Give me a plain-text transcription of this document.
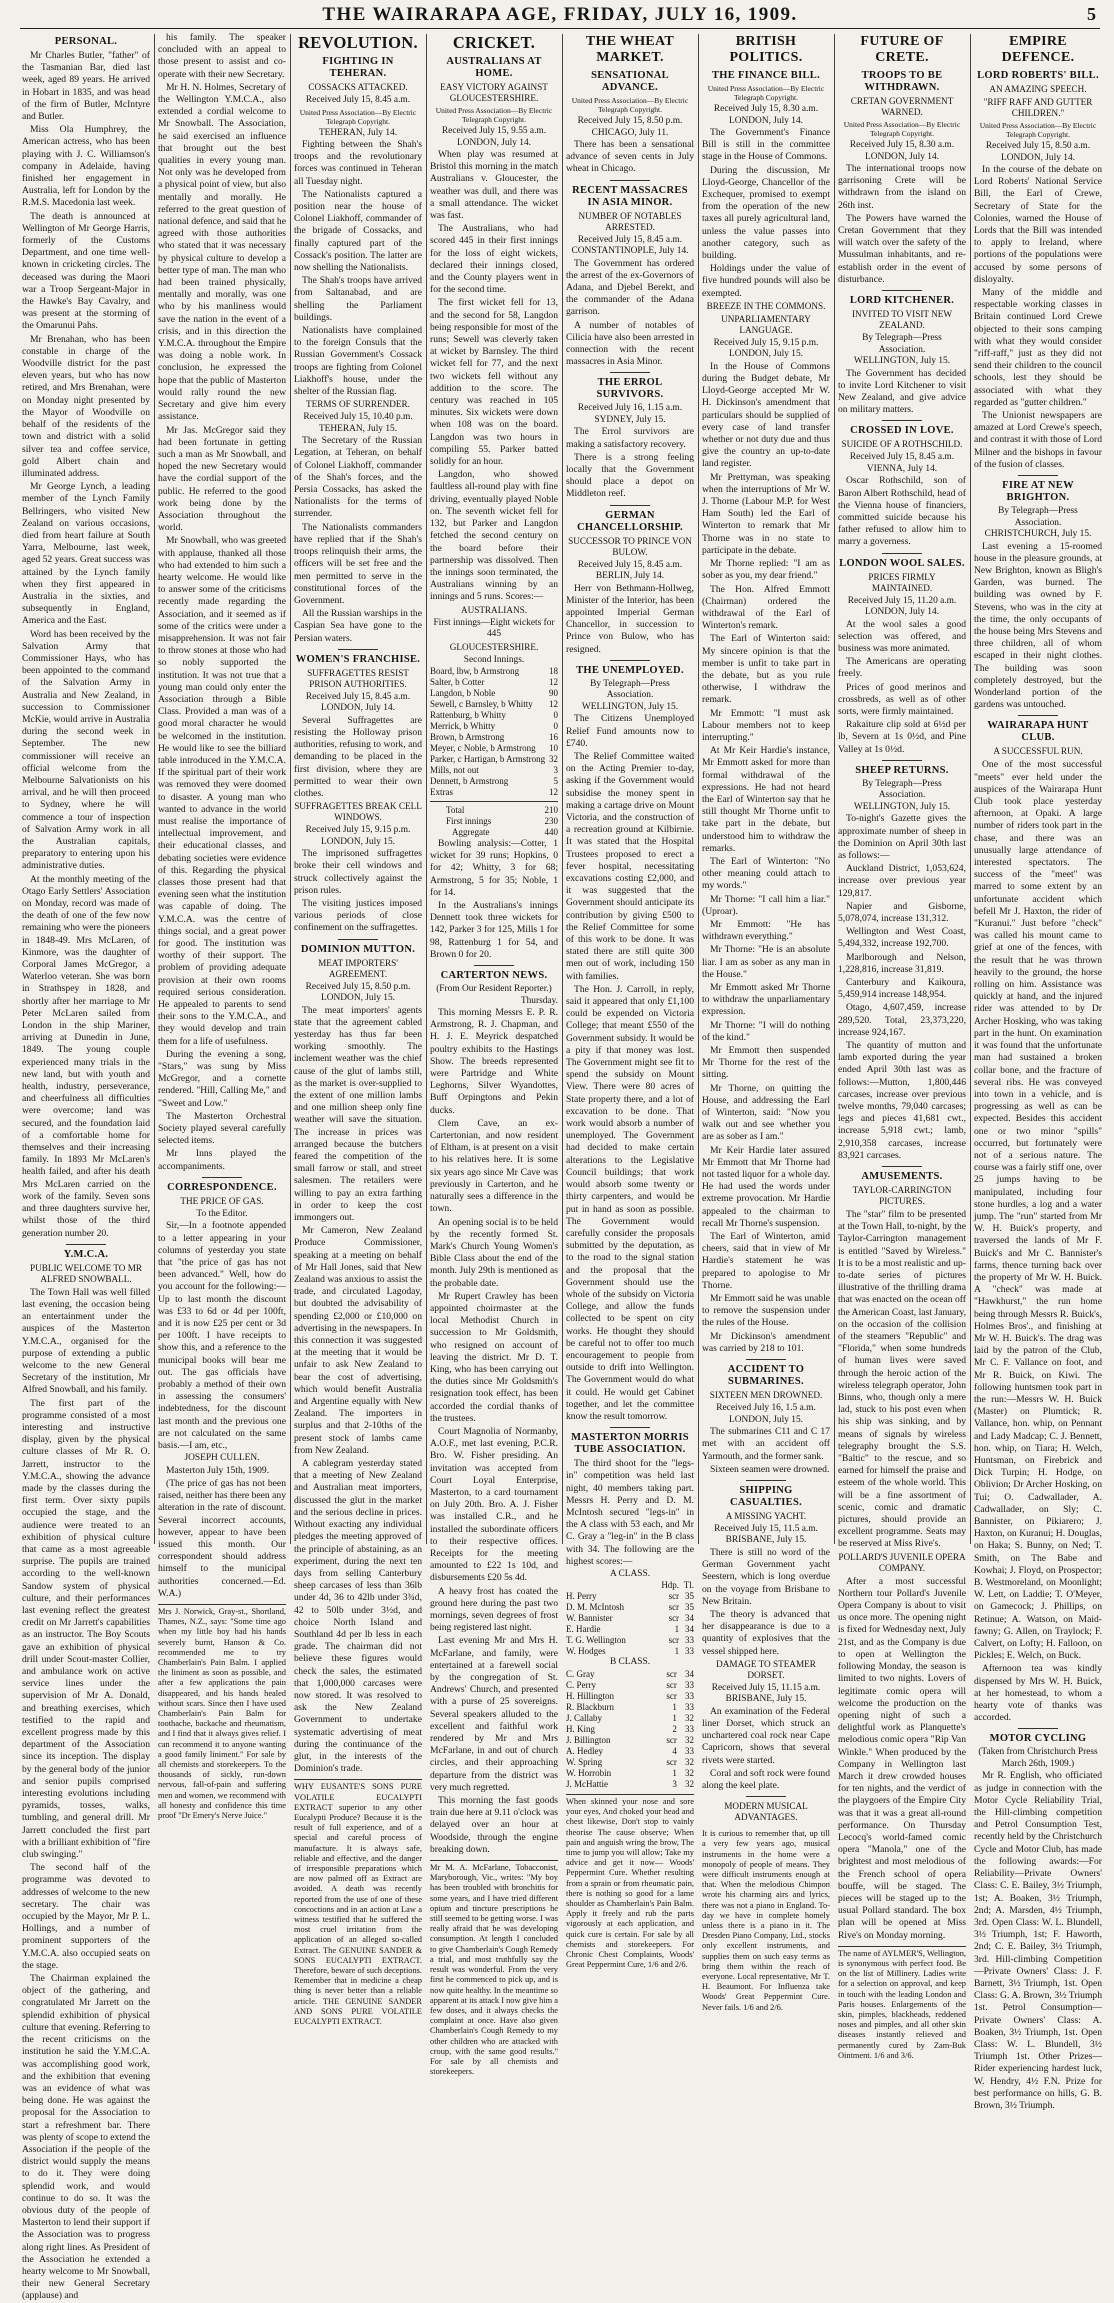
THE WAIRARAPA AGE, FRIDAY, JULY 16, 1909.	5
PERSONAL.

Mr Charles Butler, "father" of the Tasmanian Bar, died last week, aged 89 years. He arrived in Hobart in 1835, and was head of the firm of Butler, McIntyre and Butler.

Miss Ola Humphrey, the American actress, who has been playing with J. C. Williamson's company in Adelaide, having finished her engagement in Australia, left for London by the R.M.S. Macedonia last week.

The death is announced at Wellington of Mr George Harris, formerly of the Customs Department, and one time well-known in cricketing circles. The deceased was during the Maori war a Troop Sergeant-Major in the Hawke's Bay Cavalry, and was present at the storming of the Omarunui Pahs.

Mr Brenahan, who has been constable in charge of the Woodville district for the past eleven years, but who has now retired, and Mrs Brenahan, were on Monday night presented by the Mayor of Woodville on behalf of the residents of the town and district with a solid silver tea and coffee service, gold Albert chain and illuminated address.

Mr George Lynch, a leading member of the Lynch Family Bellringers, who visited New Zealand on various occasions, died from heart failure at South Yarra, Melbourne, last week, aged 52 years. Great success was attained by the Lynch family when they first appeared in Australia in the sixties, and subsequently in England, America and the East.

Word has been received by the Salvation Army that Commissioner Hays, who has been appointed to the command of the Salvation Army in Australia and New Zealand, in succession to Commissioner McKie, would arrive in Australia during the second week in September. The new commissioner will receive an official welcome from the Melbourne Salvationists on his arrival, and he will then proceed to Sydney, where he will commence a tour of inspection of Salvation Army work in all the Australian capitals, preparatory to entering upon his administrative duties.

At the monthly meeting of the Otago Early Settlers' Association on Monday, record was made of the death of one of the few now remaining who were the pioneers in 1848-49. Mrs McLaren, of Kinmore, was the daughter of Corporal James McGregor, a Waterloo veteran. She was born in Strathspey in 1828, and shortly after her marriage to Mr Peter McLaren sailed from London in the ship Mariner, arriving at Dunedin in June, 1849. The young couple experienced many trials in the new land, but with youth and health, industry, perseverance, and cheerfulness all difficulties were overcome; land was secured, and the foundation laid of a comfortable home for themselves and their increasing family. In 1893 Mr McLaren's health failed, and after his death Mrs McLaren carried on the work of the family. Seven sons and three daughters survive her, whilst those of the third generation number 20.

Y.M.C.A.
PUBLIC WELCOME TO MR ALFRED SNOWBALL.

The Town Hall was well filled last evening, the occasion being an entertainment under the auspices of the Masterton Y.M.C.A., organised for the purpose of extending a public welcome to the new General Secretary of the institution, Mr Alfred Snowball, and his family.

The first part of the programme consisted of a most interesting and instructive display, given by the physical culture classes of Mr R. O. Jarrett, instructor to the Y.M.C.A., showing the advance made by the classes during the first term. Over sixty pupils occupied the stage, and the audience were treated to an exhibition of physical culture that came as a most agreeable surprise. The pupils are trained according to the well-known Sandow system of physical culture, and their performances last evening reflect the greatest credit on Mr Jarrett's capabilities as an instructor. The Boy Scouts gave an exhibition of physical drill under Scout-master Collier, and ambulance work on active service lines under the supervision of Mr A. Donald, and breathing exercises, which testified to the rapid and excellent progress made by this department of the Association since its inception. The display by the general body of the junior and senior pupils comprised interesting evolutions including pyramids, tosses, walks, tumbling, and general drill. Mr Jarrett concluded the first part with a brilliant exhibition of "fire club swinging."

The second half of the programme was devoted to addresses of welcome to the new secretary. The chair was occupied by the Mayor, Mr P. L. Hollings, and a number of prominent supporters of the Y.M.C.A. also occupied seats on the stage.

The Chairman explained the object of the gathering, and congratulated Mr Jarrett on the splendid exhibition of physical culture that evening. Referring to the recent criticisms on the institution he said the Y.M.C.A. was accomplishing good work, and the exhibition that evening was an evidence of what was being done. He was against the proposal for the Association to start a refreshment bar. There was plenty of scope to extend the Association if the people of the district would supply the means to do it. They were doing splendid work, and would continue to do so. It was the obvious duty of the people of Masterton to lend their support if the Association was to progress along right lines. As President of the Association he extended a hearty welcome to Mr Snowball, their new General Secretary (applause) and

his family. The speaker concluded with an appeal to those present to assist and co-operate with their new Secretary.

Mr H. N. Holmes, Secretary of the Wellington Y.M.C.A., also extended a cordial welcome to Mr Snowball. The Association, he said exercised an influence that brought out the best qualities in every young man. Not only was he developed from a physical point of view, but also mentally and morally. He referred to the great question of national defence, and said that he agreed with those authorities who stated that it was necessary by physical culture to develop a better type of man. The man who had been trained physically, mentally and morally, was one who by his manliness would save the nation in the event of a crisis, and in this direction the Y.M.C.A. throughout the Empire was doing a noble work. In conclusion, he expressed the hope that the public of Masterton would rally round the new Secretary and give him every assistance.

Mr Jas. McGregor said they had been fortunate in getting such a man as Mr Snowball, and hoped the new Secretary would have the cordial support of the public. He referred to the good work being done by the Association throughout the world.

Mr Snowball, who was greeted with applause, thanked all those who had extended to him such a hearty welcome. He would like to answer some of the criticisms recently made regarding the Association, and it seemed as if some of the critics were under a misapprehension. It was not fair to throw stones at those who had so nobly supported the institution. It was not true that a young man could only enter the Association through a Bible Class. Provided a man was of a good moral character he would be welcomed in the institution. He would like to see the billiard table introduced in the Y.M.C.A. If the spiritual part of their work was removed they were doomed to disaster. A young man who wanted to advance in the world must realise the importance of intellectual improvement, and their educational classes, and debating societies were evidence of this. Regarding the physical classes those present had that evening seen what the institution was capable of doing. The Y.M.C.A. was the centre of things social, and a great power for good. The institution was worthy of their support. The problem of providing adequate provision at their own rooms required serious consideration. He appealed to parents to send their sons to the Y.M.C.A., and they would develop and train them for a life of usefulness.

During the evening a song, "Stars," was sung by Miss McGregor, and a cornette rendered. "Hill, Calling Me," and "Sweet and Low."

The Masterton Orchestral Society played several carefully selected items.

Mr Inns played the accompaniments.

CORRESPONDENCE.
THE PRICE OF GAS.
To the Editor.

Sir,—In a footnote appended to a letter appearing in your columns of yesterday you state that "the price of gas has not been advanced." Well, how do you account for the following:—Up to last month the discount was £33 to 6d or 4d per 100ft, and it is now £25 per cent or 3d per 100ft. I have receipts to show this, and a reference to the municipal books will bear me out. The gas officials have probably a method of their own in assessing the consumers' indebtedness, for the discount last month and the previous one are not calculated on the same basis.—I am, etc.,

JOSEPH CULLEN.

Masterton July 15th, 1909.

(The price of gas has not been raised, neither has there been any alteration in the rate of discount. Several incorrect accounts, however, appear to have been issued this month. Our correspondent should address himself to the municipal authorities concerned.—Ed. W.A.)

Mrs J. Norwick, Gray-st., Shortland, Thames, N.Z., says: "Some time ago when my little boy had his hands severely burnt, Hanson & Co. recommended me to try Chamberlain's Pain Balm. I applied the liniment as soon as possible, and after a few applications the pain disappeared, and his hands healed without scars. Since then I have used Chamberlain's Pain Balm for toothache, backache and rheumatism, and I find that it always gives relief. I can recommend it to anyone wanting a good family liniment." For sale by all chemists and storekeepers. To the thousands of sickly, run-down nervous, fall-of-pain and suffering men and women, we recommend with all honesty and confidence this time proof "Dr Emery's Nerve Juice."
REVOLUTION.
FIGHTING IN TEHERAN.
COSSACKS ATTACKED.
Received July 15, 8.45 a.m.
United Press Association—By Electric Telegraph Copyright.
TEHERAN, July 14.

Fighting between the Shah's troops and the revolutionary forces was continued in Teheran all Tuesday night.

The Nationalists captured a position near the house of Colonel Liakhoff, commander of the brigade of Cossacks, and finally captured part of the Cossack's position. The latter are now shelling the Nationalists.

The Shah's troops have arrived from Saltanabad, and are shelling the Parliament buildings.

Nationalists have complained to the foreign Consuls that the Russian Government's Cossack troops are fighting from Colonel Liakhoff's house, under the shelter of the Russian flag.

TERMS OF SURRENDER.
Received July 15, 10.40 p.m.
TEHERAN, July 15.

The Secretary of the Russian Legation, at Teheran, on behalf of Colonel Liakhoff, commander of the Shah's forces, and the Persia Cossacks, has asked the Nationalists for the terms of surrender.

The Nationalists commanders have replied that if the Shah's troops relinquish their arms, the officers will be set free and the men permitted to serve in the constitutional forces of the Government.

All the Russian warships in the Caspian Sea have gone to the Persian waters.

WOMEN'S FRANCHISE.
SUFFRAGETTES RESIST PRISON AUTHORITIES.
Received July 15, 8.45 a.m.
LONDON, July 14.

Several Suffragettes are resisting the Holloway prison authorities, refusing to work, and demanding to be placed in the first division, where they are permitted to wear their own clothes.

SUFFRAGETTES BREAK CELL WINDOWS.
Received July 15, 9.15 p.m.
LONDON, July 15.

The imprisoned suffragettes broke their cell windows and struck collectively against the prison rules.

The visiting justices imposed various periods of close confinement on the suffragettes.

DOMINION MUTTON.
MEAT IMPORTERS' AGREEMENT.
Received July 15, 8.50 p.m.
LONDON, July 15.

The meat importers' agents state that the agreement cabled yesterday has thus far been working smoothly. The inclement weather was the chief cause of the glut of lambs still, as the market is over-supplied to the extent of one million lambs and one million sheep only fine weather will save the situation. The increase in prices was arranged because the butchers feared the competition of the small farrow or stall, and street salesmen. The retailers were willing to pay an extra farthing in order to keep the cost immongers out.

Mr Cameron, New Zealand Produce Commissioner, speaking at a meeting on behalf of Mr Hall Jones, said that New Zealand was anxious to assist the trade, and circulated Lagoday, but doubted the advisability of spending £2,000 or £10,000 on advertising in the newspapers. In this connection it was suggested at the meeting that it would be unfair to ask New Zealand to bear the cost of advertising, which would benefit Australia and Argentine equally with New Zealand. The importers in surplus and that 2-10ths of the present stock of lambs came from New Zealand.

A cablegram yesterday stated that a meeting of New Zealand and Australian meat importers, discussed the glut in the market and the serious decline in prices. Without exacting any individual pledges the meeting approved of the principle of abstaining, as an experiment, during the next ten days from selling Canterbury sheep carcases of less than 36lb under 4d, 36 to 42lb under 3¾d, 42 to 50lb under 3½d, and choice North Island and Southland 4d per lb less in each grade. The chairman did not believe these figures would check the sales, the estimated that 1,000,000 carcases were now stored. It was resolved to ask the New Zealand Government to undertake systematic advertising of meat during the continuance of the glut, in the interests of the Dominion's trade.

WHY EUSANTE'S SONS PURE VOLATILE EUCALYPTI EXTRACT superior to any other Eucalypti Produce? Because it is the result of full experience, and of a special and careful process of manufacture. It is always safe, reliable and effective, and the danger of irresponsible preparations which are now palmed off as Extract are avoided. A death was recently reported from the use of one of these concoctions and in an action at Law a witness testified that he suffered the most cruel irritation from the application of an alleged so-called Extract. The GENUINE SANDER & SONS EUCALYPTI EXTRACT. Therefore, beware of such deceptions. Remember that in medicine a cheap thing is never better than a reliable article. THE GENUINE SANDER AND SONS PURE VOLATILE EUCALYPTI EXTRACT.
CRICKET.
AUSTRALIANS AT HOME.
EASY VICTORY AGAINST GLOUCESTERSHIRE.
United Press Association—By Electric Telegraph Copyright.
Received July 15, 9.55 a.m.
LONDON, July 14.

When play was resumed at Bristol this morning in the match Australians v. Gloucester, the weather was dull, and there was a small attendance. The wicket was fast.

The Australians, who had scored 445 in their first innings for the loss of eight wickets, declared their innings closed, and the County players went in for the second time.

The first wicket fell for 13, and the second for 58, Langdon being responsible for most of the runs; Sewell was cleverly taken at wicket by Barnsley. The third wicket fell for 77, and the next two wickets fell without any addition to the score. The century was reached in 105 minutes. Six wickets were down when 108 was on the board. Langdon was two hours in compiling 55. Parker batted solidly for an hour.

Langdon, who showed faultless all-round play with fine driving, eventually played Noble on. The seventh wicket fell for 132, but Parker and Langdon fetched the second century on the board before their partnership was dissolved. Then the innings soon terminated, the Australians winning by an innings and 5 runs. Scores:—

AUSTRALIANS.
First innings—Eight wickets for 445
GLOUCESTERSHIRE.
Second Innings.
Board, lbw, b Armstrong	18
Salter, b Cotter	12
Langdon, b Noble	90
Sewell, c Barnsley, b Whitty	12
Rattenburg, b Whitty	0
Merrick, b Whitty	0
Brown, b Armstrong	16
Meyer, c Noble, b Armstrong	10
Parker, c Hartigan, b Armstrong	32
Mills, not out	3
Dennett, b Armstrong	5
Extras	12
Total	210
First innings	230
Aggregate	440

Bowling analysis:—Cotter, 1 wicket for 39 runs; Hopkins, 0 for 42; Whitty, 3 for 68; Armstrong, 5 for 35; Noble, 1 for 14.

In the Australians's innings Dennett took three wickets for 142, Parker 3 for 125, Mills 1 for 98, Rattenburg 1 for 54, and Brown 0 for 20.

CARTERTON NEWS.
(From Our Resident Reporter.)
Thursday.

This morning Messrs E. P. R. Armstrong, R. J. Chapman, and H. J. E. Meyrick despatched poultry exhibits to the Hastings Show. The breeds represented were Partridge and White Leghorns, Silver Wyandottes, Buff Orpingtons and Pekin ducks.

Clem Cave, an ex-Cartertonian, and now resident of Eltham, is at present on a visit to his relatives here. It is some six years ago since Mr Cave was previously in Carterton, and he naturally sees a difference in the town.

An opening social is to be held by the recently formed St. Mark's Church Young Women's Bible Class about the end of the month. July 29th is mentioned as the probable date.

Mr Rupert Crawley has been appointed choirmaster at the local Methodist Church in succession to Mr Goldsmith, who resigned on account of leaving the district. Mr D. T. King, who has been carrying out the duties since Mr Goldsmith's resignation took effect, has been accorded the cordial thanks of the trustees.

Court Magnolia of Normanby, A.O.F., met last evening, P.C.R. Bro. W. Fisher presiding. An invitation was accepted from Court Loyal Enterprise, Masterton, to a card tournament on July 20th. Bro. A. J. Fisher was installed C.R., and he installed the subordinate officers to their respective offices. Receipts for the meeting amounted to £22 1s 10d, and disbursements £20 5s 4d.

A heavy frost has coated the ground here during the past two mornings, seven degrees of frost being registered last night.

Last evening Mr and Mrs H. McFarlane, and family, were entertained at a farewell social by the congregation of St. Andrews' Church, and presented with a purse of 25 sovereigns. Several speakers alluded to the excellent and faithful work rendered by Mr and Mrs McFarlane, in and out of church circles, and their approaching departure from the district was very much regretted.

This morning the fast goods train due here at 9.11 o'clock was delayed over an hour at Woodside, through the engine breaking down.

Mr M. A. McFarlane, Tobacconist, Maryborough, Vic., writes: "My boy has been troubled with bronchitis for some years, and I have tried different opium and tincture prescriptions he still seemed to be getting worse. I was really afraid that he was developing consumption. At length I concluded to give Chamberlain's Cough Remedy a trial, and most truthfully say the result was wonderful. From the very first he commenced to pick up, and is now quite healthy. In the meantime so apparent at its attack I now give him a few doses, and it always checks the complaint at once. Have also given Chamberlain's Cough Remedy to my other children who are attacked with croup, with the same good results." For sale by all chemists and storekeepers.
THE WHEAT MARKET.
SENSATIONAL ADVANCE.
United Press Association—By Electric Telegraph Copyright.
Received July 15, 8.50 p.m.
CHICAGO, July 11.

There has been a sensational advance of seven cents in July wheat in Chicago.

RECENT MASSACRES IN ASIA MINOR.
NUMBER OF NOTABLES ARRESTED.
Received July 15, 8.45 a.m.
CONSTANTINOPLE, July 14.

The Government has ordered the arrest of the ex-Governors of Adana, and Djebel Berekt, and the commander of the Adana garrison.

A number of notables of Cilicia have also been arrested in connection with the recent massacres in Asia Minor.

THE ERROL SURVIVORS.
Received July 16, 1.15 a.m.
SYDNEY, July 15.

The Errol survivors are making a satisfactory recovery.

There is a strong feeling locally that the Government should place a depot on Middleton reef.

GERMAN CHANCELLORSHIP.
SUCCESSOR TO PRINCE VON BULOW.
Received July 15, 8.45 a.m.
BERLIN, July 14.

Herr von Bethmann-Hollweg, Minister of the Interior, has been appointed Imperial German Chancellor, in succession to Prince von Bulow, who has resigned.

THE UNEMPLOYED.
By Telegraph—Press Association.
WELLINGTON, July 15.

The Citizens Unemployed Relief Fund amounts now to £740.

The Relief Committee waited on the Acting Premier to-day, asking if the Government would subsidise the money spent in making a cartage drive on Mount Victoria, and the construction of a recreation ground at Kilbirnie. It was stated that the Hospital Trustees proposed to erect a fever hospital, necessitating excavations costing £2,000, and it was suggested that the Government should anticipate its contribution by giving £500 to the Relief Committee for some of this work to be done. It was stated there are still quite 300 men out of work, including 150 with families.

The Hon. J. Carroll, in reply, said it appeared that only £1,100 could be expended on Victoria College; that meant £550 of the Government subsidy. It would be a pity if that money was lost. The Government might see fit to spend the subsidy on Mount View. There were 80 acres of State property there, and a lot of excavation to be done. That work would absorb a number of unemployed. The Government had decided to make certain alterations to the Legislative Council buildings; that work would absorb some twenty or thirty carpenters, and would be put in hand as soon as possible. The Government would carefully consider the proposals submitted by the deputation, as to the road to the signal station and the proposal that the Government should use the whole of the subsidy on Victoria College, and allow the funds collected to be spent on city works. He thought they should be careful not to offer too much encouragement to people from outside to drift into Wellington. The Government would do what it could. He would get Cabinet together, and let the committee know the result tomorrow.

MASTERTON MORRIS TUBE ASSOCIATION.

The third shoot for the "legs-in" competition was held last night, 40 members taking part. Messrs H. Perry and D. M. McIntosh secured "legs-in" in the A class with 53 each, and Mr C. Gray a "leg-in" in the B class with 34. The following are the highest scores:—

A CLASS.
	Hdp.	Tl.
H. Perry	scr	35
D. M. McIntosh	scr	35
W. Bannister	scr	34
E. Hardie	1	34
T. G. Wellington	scr	33
W. Hodges	1	33
B CLASS.
C. Gray	scr	34
C. Perry	scr	33
H. Hillington	scr	33
R. Blackburn	1	33
J. Callaby	1	32
H. King	2	33
J. Billington	scr	32
A. Hedley	4	33
W. Spring	scr	32
W. Horrobin	1	32
J. McHattie	3	32
When skinned your nose and sore your eyes, And choked your head and chest likewise, Don't stop to vainly theorise The cause observe; When pain and anguish wring the brow, The time to jump you will allow; Take my advice and get it now— Woods' Peppermint Cure. Whether resulting from a sprain or from rheumatic pain, there is nothing so good for a lame shoulder as Chamberlain's Pain Balm. Apply it freely and rub the parts vigorously at each application, and quick cure is certain. For sale by all chemists and storekeepers. For Chronic Chest Complaints, Woods' Great Peppermint Cure, 1/6 and 2/6.
BRITISH POLITICS.
THE FINANCE BILL.
United Press Association—By Electric Telegraph Copyright.
Received July 15, 8.30 a.m.
LONDON, July 14.

The Government's Finance Bill is still in the committee stage in the House of Commons.

During the discussion, Mr Lloyd-George, Chancellor of the Exchequer, promised to exempt from the operation of the new taxes all purely agricultural land, unless the value passes into another category, such as building.

Holdings under the value of five hundred pounds will also be exempted.

BREEZE IN THE COMMONS.
UNPARLIAMENTARY LANGUAGE.
Received July 15, 9.15 p.m.
LONDON, July 15.

In the House of Commons during the Budget debate, Mr Lloyd-George accepted Mr W. H. Dickinson's amendment that particulars should be supplied of every case of land transfer whether or not duty due and thus give the country an up-to-date land register.

Mr Prettyman, was speaking when the interruptions of Mr W. J. Thorne (Labour M.P. for West Ham South) led the Earl of Winterton to remark that Mr Thorne was in no state to participate in the debate.

Mr Thorne replied: "I am as sober as you, my dear friend."

The Hon. Alfred Emmott (Chairman) ordered the withdrawal of the Earl of Winterton's remark.

The Earl of Winterton said: My sincere opinion is that the member is unfit to take part in the debate, but as you rule otherwise, I withdraw the remark.

Mr Emmott: "I must ask Labour members not to keep interrupting."

At Mr Keir Hardie's instance, Mr Emmott asked for more than formal withdrawal of the expressions. He had not heard the Earl of Winterton say that he still thought Mr Thorne unfit to take part in the debate, but understood him to withdraw the remarks.

The Earl of Winterton: "No other meaning could attach to my words."

Mr Thorne: "I call him a liar." (Uproar).

Mr Emmott: "He has withdrawn everything."

Mr Thorne: "He is an absolute liar. I am as sober as any man in the House."

Mr Emmott asked Mr Thorne to withdraw the unparliamentary expression.

Mr Thorne: "I will do nothing of the kind."

Mr Emmott then suspended Mr Thorne for the rest of the sitting.

Mr Thorne, on quitting the House, and addressing the Earl of Winterton, said: "Now you walk out and see whether you are as sober as I am."

Mr Keir Hardie later assured Mr Emmott that Mr Thorne had not tasted liquor for a whole day. He had used the words under extreme provocation. Mr Hardie appealed to the chairman to recall Mr Thorne's suspension.

The Earl of Winterton, amid cheers, said that in view of Mr Hardie's statement he was prepared to apologise to Mr Thorne.

Mr Emmott said he was unable to remove the suspension under the rules of the House.

Mr Dickinson's amendment was carried by 218 to 101.

ACCIDENT TO SUBMARINES.
SIXTEEN MEN DROWNED.
Received July 16, 1.5 a.m.
LONDON, July 15.

The submarines C11 and C 17 met with an accident off Yarmouth, and the former sank.

Sixteen seamen were drowned.

SHIPPING CASUALTIES.
A MISSING YACHT.
Received July 15, 11.5 a.m.
BRISBANE, July 15.

There is still no word of the German Government yacht Seestern, which is long overdue on the voyage from Brisbane to New Britain.

The theory is advanced that her disappearance is due to a quantity of explosives that the vessel shipped here.

DAMAGE TO STEAMER DORSET.
Received July 15, 11.15 a.m.
BRISBANE, July 15.

An examination of the Federal liner Dorset, which struck an unchartered coal rock near Cape Capricorn, shows that several rivets were started.

Coral and soft rock were found along the keel plate.

MODERN MUSICAL ADVANTAGES.
It is curious to remember that, up till a very few years ago, musical instruments in the home were a monopoly of people of means. They were difficult instruments enough at that. When the melodious Chimpon wrote his charming airs and lyrics, there was not a piano in England. To-day we have in complete homely unless there is a piano in it. The Dresden Piano Company, Ltd., stocks only excellent instruments, and supplies them on such easy terms as bring them within the reach of everyone. Local representative, Mr T. H. Beaumont. For Influenza take Woods' Great Peppermint Cure. Never fails. 1/6 and 2/6.
FUTURE OF CRETE.
TROOPS TO BE WITHDRAWN.
CRETAN GOVERNMENT WARNED.
United Press Association—By Electric Telegraph Copyright.
Received July 15, 8.30 a.m.
LONDON, July 14.

The international troops now garrisoning Crete will be withdrawn from the island on 26th inst.

The Powers have warned the Cretan Government that they will watch over the safety of the Mussulman inhabitants, and re-establish order in the event of disturbance.

LORD KITCHENER.
INVITED TO VISIT NEW ZEALAND.
By Telegraph—Press Association.
WELLINGTON, July 15.

The Government has decided to invite Lord Kitchener to visit New Zealand, and give advice on military matters.

CROSSED IN LOVE.
SUICIDE OF A ROTHSCHILD.
Received July 15, 8.45 a.m.
VIENNA, July 14.

Oscar Rothschild, son of Baron Albert Rothschild, head of the Vienna house of financiers, committed suicide because his father refused to allow him to marry a governess.

LONDON WOOL SALES.
PRICES FIRMLY MAINTAINED.
Received July 15, 11.20 a.m.
LONDON, July 14.

At the wool sales a good selection was offered, and business was more animated.

The Americans are operating freely.

Prices of good merinos and crossbreds, as well as of other sorts, were firmly maintained.

Rakaiture clip sold at 6½d per lb, Severn at 1s 0½d, and Pine Valley at 1s 0½d.

SHEEP RETURNS.
By Telegraph—Press Association.
WELLINGTON, July 15.

To-night's Gazette gives the approximate number of sheep in the Dominion on April 30th last as follows:—

Auckland District, 1,053,624, increase over previous year 129,817.

Napier and Gisborne, 5,078,074, increase 131,312.

Wellington and West Coast, 5,494,332, increase 192,700.

Marlborough and Nelson, 1,228,816, increase 31,819.

Canterbury and Kaikoura, 5,459,914 increase 148,954.

Otago, 4,607,459, increase 289,520. Total, 23,373,220, increase 924,167.

The quantity of mutton and lamb exported during the year ended April 30th last was as follows:—Mutton, 1,800,446 carcases, increase over previous twelve months, 79,040 carcases; legs and pieces 41,681 cwt., increase 5,918 cwt.; lamb, 2,910,358 carcases, increase 83,921 carcases.

AMUSEMENTS.
TAYLOR-CARRINGTON PICTURES.

The "star" film to be presented at the Town Hall, to-night, by the Taylor-Carrington management is entitled "Saved by Wireless." It is to be a most realistic and up-to-date series of pictures illustrative of the thrilling drama that was enacted on the ocean off the American Coast, last January, on the occasion of the collision of the steamers "Republic" and "Florida," when some hundreds of human lives were saved through the heroic action of the wireless telegraph operator, John Binns, who, though only a mere lad, stuck to his post even when his ship was sinking, and by means of signals by wireless telegraphy brought the S.S. "Baltic" to the rescue, and so earned for himself the praise and esteem of the whole world. This will be a fine assortment of scenic, comic and dramatic pictures, should provide an excellent programme. Seats may be reserved at Miss Rive's.

POLLARD'S JUVENILE OPERA COMPANY.

After a most successful Northern tour Pollard's Juvenile Opera Company is about to visit us once more. The opening night is fixed for Wednesday next, July 21st, and as the Company is due to open at Wellington the following Monday, the season is limited to two nights. Lovers of legitimate comic opera will welcome the production on the opening night of such a delightful work as Planquette's melodious comic opera "Rip Van Winkle." When produced by the Company in Wellington last March it drew crowded houses for ten nights, and the verdict of the playgoers of the Empire City was that it was a great all-round performance. On Thursday Lecocq's world-famed comic opera "Manola," one of the brightest and most melodious of the French school of opera bouffe, will be staged. The pieces will be staged up to the usual Pollard standard. The box plan will be opened at Miss Rive's on Monday morning.

The name of AYLMER'S, Wellington, is synonymous with perfect food. Be on the list of Millinery. Ladies write for a selection on approval, and keep in touch with the leading London and Paris houses. Enlargements of the skin, pimples, blackheads, reddened noses and pimples, and all other skin diseases instantly relieved and permanently cured by Zam-Buk Ointment. 1/6 and 3/6.
EMPIRE DEFENCE.
LORD ROBERTS' BILL.
AN AMAZING SPEECH.
"RIFF RAFF AND GUTTER CHILDREN."
United Press Association—By Electric Telegraph Copyright.
Received July 15, 8.50 a.m.
LONDON, July 14.

In the course of the debate on Lord Roberts' National Service Bill, the Earl of Crewe, Secretary of State for the Colonies, warned the House of Lords that the Bill was intended to apply to Ireland, where portions of the populations were accused by some persons of disloyalty.

Many of the middle and respectable working classes in Britain continued Lord Crewe objected to their sons camping with what they would consider "riff-raff," just as they did not send their children to the council schools, lest they should be associated with what they regarded as "gutter children."

The Unionist newspapers are amazed at Lord Crewe's speech, and contrast it with those of Lord Milner and the bishops in favour of the fusion of classes.

FIRE AT NEW BRIGHTON.
By Telegraph—Press Association.
CHRISTCHURCH, July 15.

Last evening a 15-roomed house in the pleasure grounds, at New Brighton, known as Bligh's Garden, was burned. The building was owned by F. Stevens, who was in the city at the time, the only occupants of the house being Mrs Stevens and three children, all of whom escaped in their night clothes. The building was soon completely destroyed, but the Wonderland portion of the gardens was untouched.

WAIRARAPA HUNT CLUB.
A SUCCESSFUL RUN.

One of the most successful "meets" ever held under the auspices of the Wairarapa Hunt Club took place yesterday afternoon, at Opaki. A large number of riders took part in the chase, and there was an unusually large attendance of interested spectators. The success of the "meet" was marred to some extent by an unfortunate accident which befell Mr J. Haxton, the rider of "Kuranui." Just before "check" was called his mount came to grief at one of the fences, with the result that he was thrown heavily to the ground, the horse rolling on him. Assistance was quickly at hand, and the injured rider was attended to by Dr Archer Hosking, who was taking part in the hunt. On examination it was found that the unfortunate man had sustained a broken collar bone, and the fracture of several ribs. He was conveyed into town in a vehicle, and is progressing as well as can be expected. Besides this accident one or two minor "spills" occurred, but fortunately were not of a serious nature. The course was a fairly stiff one, over 25 jumps having to be manipulated, including four stone hurdles, a log and a water jump. The "run" started from Mr W. H. Buick's property, and traversed the lands of Mr F. Buick's and Mr C. Bannister's farms, thence turning back over the property of Mr W. H. Buick. A "check" was made at "Hawkhurst," the run home being through Messrs R. Buick's, Holmes Bros'., and finishing at Mr W. H. Buick's. The drag was laid by the patron of the Club, Mr C. F. Vallance on foot, and Mr R. Buick, on Kiwi. The following huntsmen took part in the run:—Messrs W. H. Buick (Master) on Plumtick; R. Vallance, hon. whip, on Pennant and Lady Madcap; C. J. Bennett, hon. whip, on Tiara; H. Welch, Huntsman, on Firebrick and Dick Turpin; H. Hodge, on Oblivion; Dr Archer Hosking, on Tui; O. Cadwallader, A. Cadwallader, on Sly; C. Bannister, on Pikiarero; J. Haxton, on Kuranui; H. Douglas, on Haka; S. Bunny, on Ned; T. Smith, on The Babe and Kowhai; J. Floyd, on Prospector; B. Westmoreland, on Moonlight; W. Lett, on Laddie; T. O'Meyer, on Gamecock; J. Phillips, on Retinue; A. Watson, on Maid-fawny; G. Allen, on Traylock; F. Calvert, on Lofty; H. Falloon, on Pickles; E. Welch, on Buck.

Afternoon tea was kindly dispensed by Mrs W. H. Buick, at her homestead, to whom a hearty vote of thanks was accorded.

MOTOR CYCLING
(Taken from Christchurch Press March 26th, 1909.)

Mr R. English, who officiated as judge in connection with the Motor Cycle Reliability Trial, the Hill-climbing competition and Petrol Consumption Test, recently held by the Christchurch Cycle and Motor Club, has made the following awards:—For Reliability—Private Owners' Class: C. E. Bailey, 3½ Triumph, 1st; A. Boaken, 3½ Triumph, 2nd; A. Marsden, 4½ Triumph, 3rd. Open Class: W. L. Blundell, 3½ Triumph, 1st; F. Haworth, 2nd; C. E. Bailey, 3½ Triumph, 3rd. Hill-climbing Competition—Private Owners' Class: J. F. Barnett, 3½ Triumph, 1st. Open Class: G. A. Brown, 3½ Triumph 1st. Petrol Consumption—Private Owners' Class: A. Boaken, 3½ Triumph, 1st. Open Class: W. L. Blundell, 3½ Triumph 1st. Other Prizes—Rider experiencing hardest luck, W. Hendry, 4½ F.N. Prize for best performance on hills, G. B. Brown, 3½ Triumph.
